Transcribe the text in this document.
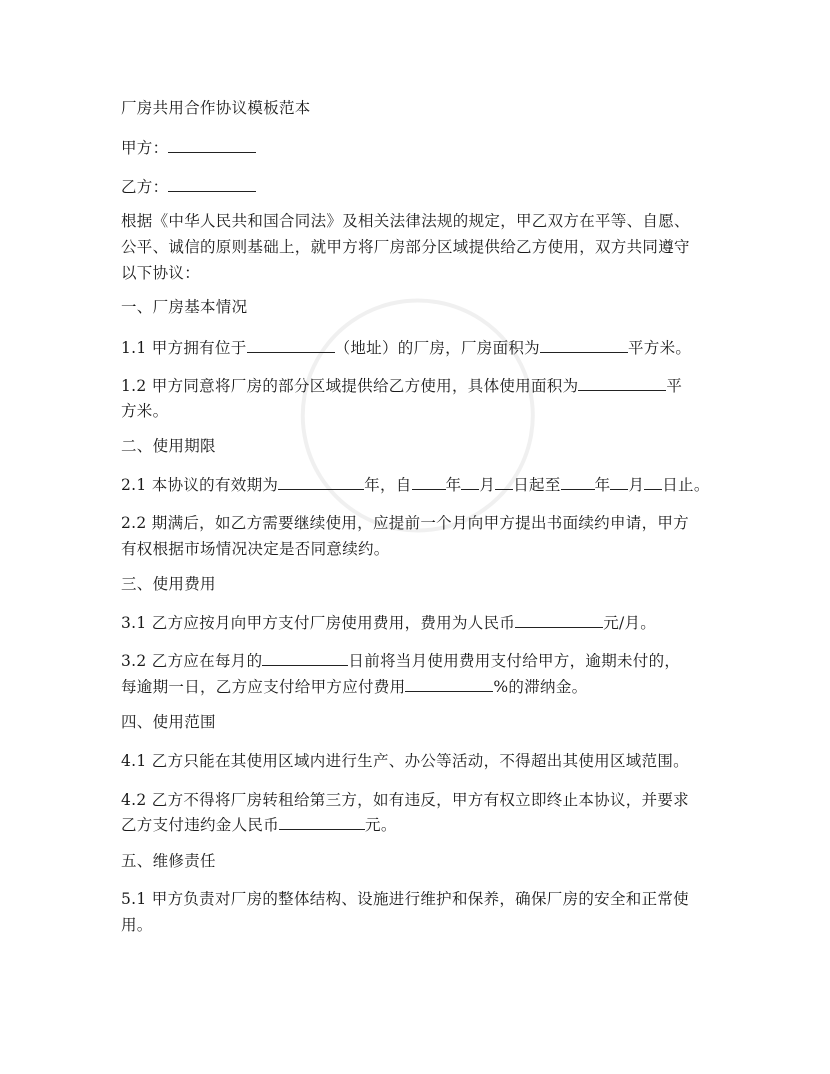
厂房共用合作协议模板范本
甲方：
乙方：
根据《中华人民共和国合同法》及相关法律法规的规定，甲乙双方在平等、自愿、
公平、诚信的原则基础上，就甲方将厂房部分区域提供给乙方使用，双方共同遵守
以下协议：
一、厂房基本情况
1.1 甲方拥有位于	（地址）的厂房，厂房面积为	平方米。
1.2 甲方同意将厂房的部分区域提供给乙方使用，具体使用面积为	平
方米。
二、使用期限
2.1 本协议的有效期为	年，自 年 月 日起至 年 月 日止。
2.2 期满后，如乙方需要继续使用，应提前一个月向甲方提出书面续约申请，甲方
有权根据市场情况决定是否同意续约。
三、使用费用
3.1 乙方应按月向甲方支付厂房使用费用，费用为人民币	元/月。
3.2 乙方应在每月的	日前将当月使用费用支付给甲方，逾期未付的，
每逾期一日，乙方应支付给甲方应付费用	%的滞纳金。
四、使用范围
4.1 乙方只能在其使用区域内进行生产、办公等活动，不得超出其使用区域范围。
4.2 乙方不得将厂房转租给第三方，如有违反，甲方有权立即终止本协议，并要求
乙方支付违约金人民币	元。
五、维修责任
5.1 甲方负责对厂房的整体结构、设施进行维护和保养，确保厂房的安全和正常使
用。
